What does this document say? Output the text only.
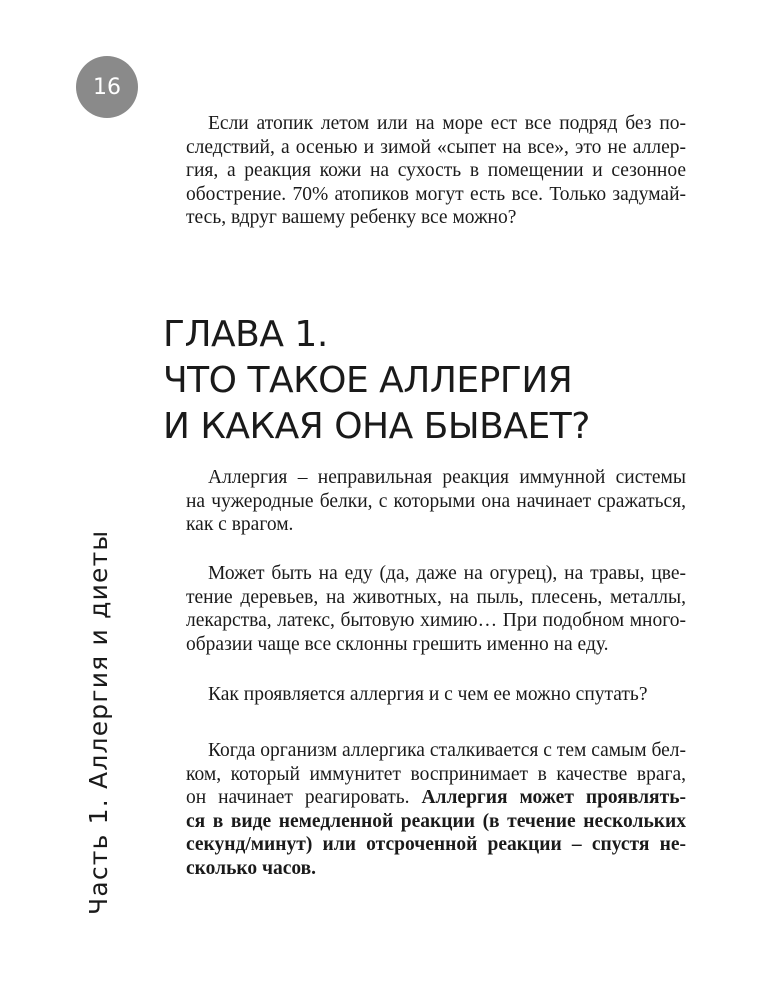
16
Часть 1. Аллергия и диеты

Если атопик летом или на море ест все подряд без по-
следствий, а осенью и зимой «сыпет на все», это не аллер-
гия, а реакция кожи на сухость в помещении и сезонное
обострение. 70% атопиков могут есть все. Только задумай-
тесь, вдруг вашему ребенку все можно?

ГЛАВА 1.
ЧТО ТАКОЕ АЛЛЕРГИЯ
И КАКАЯ ОНА БЫВАЕТ?

Аллергия – неправильная реакция иммунной системы
на чужеродные белки, с которыми она начинает сражаться,
как с врагом.

Может быть на еду (да, даже на огурец), на травы, цве-
тение деревьев, на животных, на пыль, плесень, металлы,
лекарства, латекс, бытовую химию… При подобном много-
образии чаще все склонны грешить именно на еду.

Как проявляется аллергия и с чем ее можно спутать?

Когда организм аллергика сталкивается с тем самым бел-
ком, который иммунитет воспринимает в качестве врага,
он начинает реагировать. Аллергия может проявлять-
ся в виде немедленной реакции (в течение нескольких
секунд/минут) или отсроченной реакции – спустя не-
сколько часов.
